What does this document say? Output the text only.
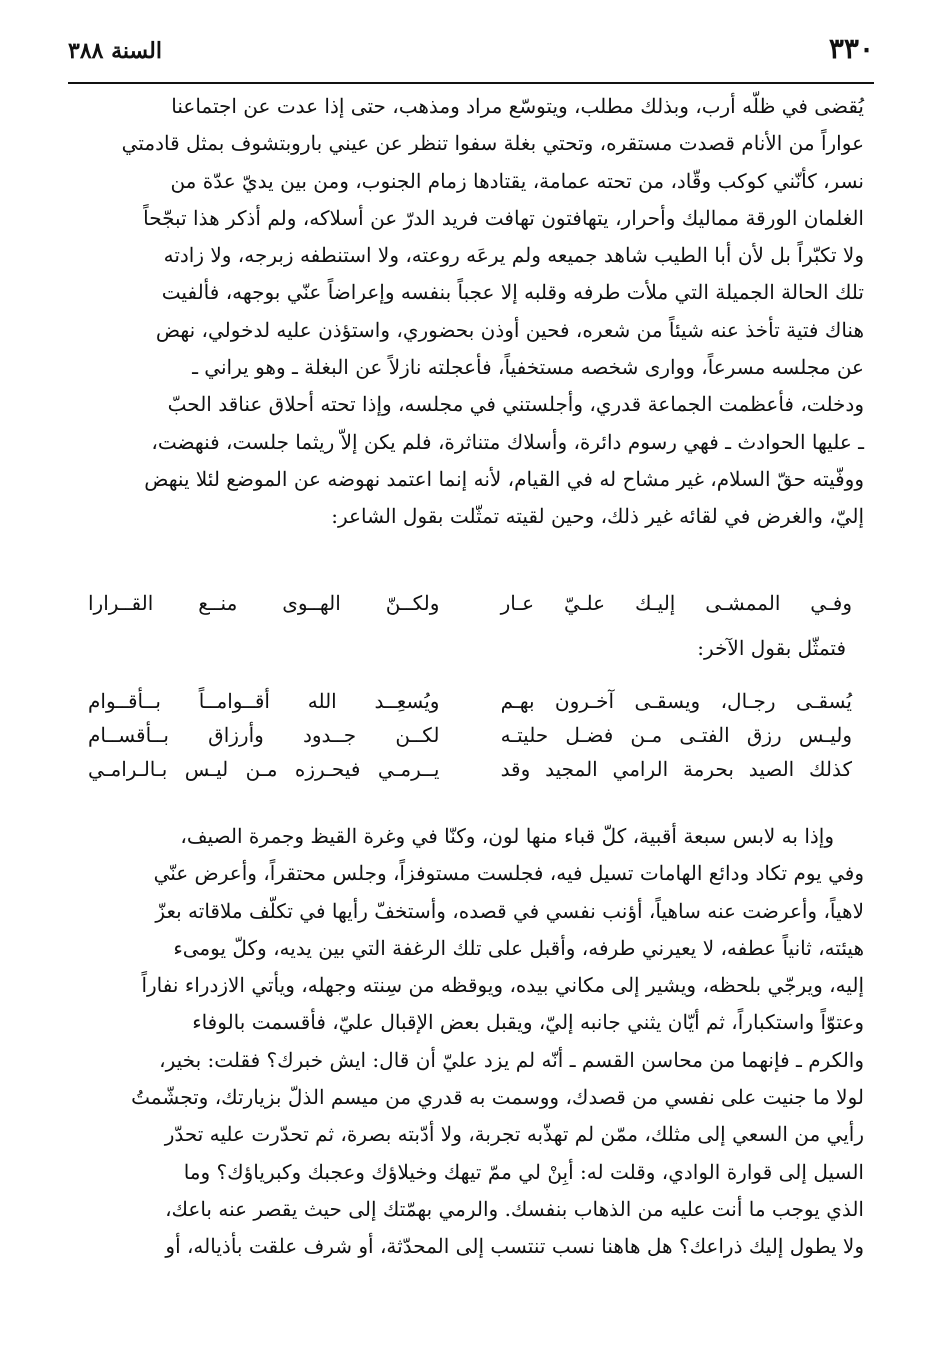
٣٣٠
السنة ٣٨٨

يُقضى في ظلّه أرب، وبذلك مطلب، ويتوسّع مراد ومذهب، حتى إذا عدت عن اجتماعنا

عواراً من الأنام قصدت مستقره، وتحتي بغلة سفوا تنظر عن عيني باروبتشوف بمثل قادمتي

نسر، كأنّني كوكب وقّاد، من تحته عمامة، يقتادها زمام الجنوب، ومن بين يديّ عدّة من

الغلمان الورقة مماليك وأحرار، يتهافتون تهافت فريد الدرّ عن أسلاكه، ولم أذكر هذا تبجّحاً

ولا تكبّراً بل لأن أبا الطيب شاهد جميعه ولم يرعَه روعته، ولا استنطفه زبرجه، ولا زادته

تلك الحالة الجميلة التي ملأت طرفه وقلبه إلا عجباً بنفسه وإعراضاً عنّي بوجهه، فألفيت

هناك فتية تأخذ عنه شيئاً من شعره، فحين أوذن بحضوري، واستؤذن عليه لدخولي، نهض

عن مجلسه مسرعاً، ووارى شخصه مستخفياً، فأعجلته نازلاً عن البغلة ـ وهو يراني ـ

ودخلت، فأعظمت الجماعة قدري، وأجلستني في مجلسه، وإذا تحته أحلاق عناقد الحبّ

ـ عليها الحوادث ـ فهي رسوم دائرة، وأسلاك متناثرة، فلم يكن إلاّ ريثما جلست، فنهضت،

ووفّيته حقّ السلام، غير مشاح له في القيام، لأنه إنما اعتمد نهوضه عن الموضع لئلا ينهض

إليّ، والغرض في لقائه غير ذلك، وحين لقيته تمثّلت بقول الشاعر:

وفـي الممشـى إليـك علـيّ عـار
ولكــنّ الهــوى منــع القــرارا
فتمثّل بقول الآخر:
يُسقـى رجـال، ويسقـى آخـرون بهـم
ويُسعِــد الله أقــوامــاً بــأقــوام
وليـس رزق الفتـى مـن فضـل حليتـه
لكــن جــدود وأرزاق بــأقســام
كذلك الصيد بحرمة الرامي المجيد وقد
يــرمـي فيحـرزه مـن ليـس بـالـرامـي

وإذا به لابس سبعة أقبية، كلّ قباء منها لون، وكنّا في وغرة القيظ وجمرة الصيف،

وفي يوم تكاد ودائع الهامات تسيل فيه، فجلست مستوفزاً، وجلس محتقراً، وأعرض عنّي

لاهياً، وأعرضت عنه ساهياً، أؤنب نفسي في قصده، وأستخفّ رأيها في تكلّف ملاقاته بعزّ

هيئته، ثانياً عطفه، لا يعيرني طرفه، وأقبل على تلك الرغفة التي بين يديه، وكلّ يومىء

إليه، ويرجّي بلحظه، ويشير إلى مكاني بيده، ويوقظه من سِنته وجهله، ويأتي الازدراء نفاراً

وعتوّاً واستكباراً، ثم أيّان يثني جانبه إليّ، ويقبل بعض الإقبال عليّ، فأقسمت بالوفاء

والكرم ـ فإنهما من محاسن القسم ـ أنّه لم يزد عليّ أن قال: ايش خبرك؟ فقلت: بخير،

لولا ما جنيت على نفسي من قصدك، ووسمت به قدري من ميسم الذلّ بزيارتك، وتجشّمتُ

رأيي من السعي إلى مثلك، ممّن لم تهذّبه تجربة، ولا أدّبته بصرة، ثم تحدّرت عليه تحدّر

السيل إلى قوارة الوادي، وقلت له: أبِنْ لي ممّ تيهك وخيلاؤك وعجبك وكبرياؤك؟ وما

الذي يوجب ما أنت عليه من الذهاب بنفسك. والرمي بهمّتك إلى حيث يقصر عنه باعك،

ولا يطول إليك ذراعك؟ هل هاهنا نسب تنتسب إلى المحدّثة، أو شرف علقت بأذياله، أو
